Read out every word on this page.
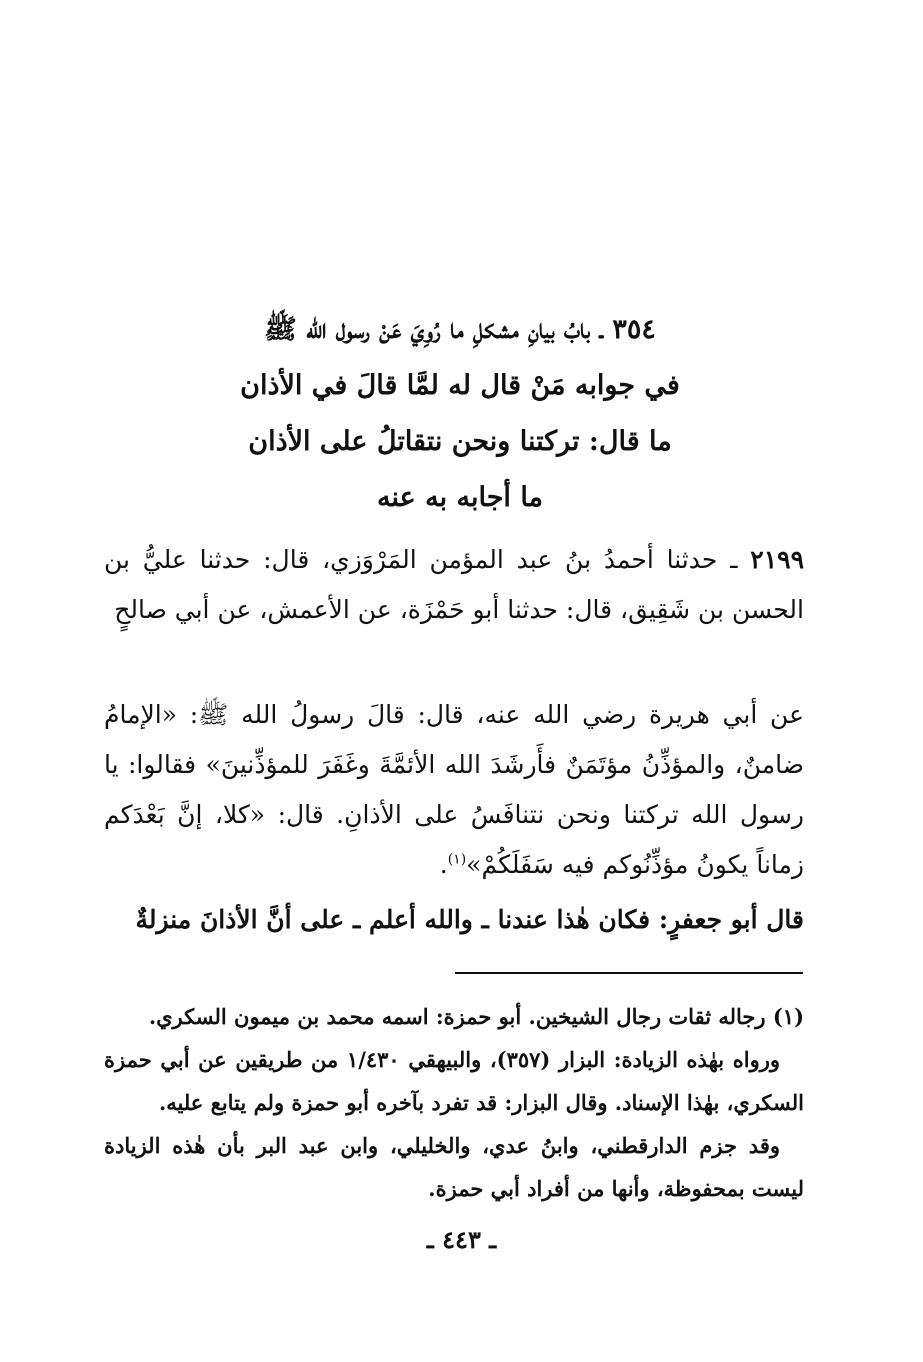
٣٥٤ ـ بابُ بيانِ مشكلِ ما رُوِيَ عَنْ رسول الله ﷺ
في جوابه مَنْ قال له لمَّا قالَ في الأذان
ما قال: تركتنا ونحن نتقاتلُ على الأذان
ما أجابه به عنه
٢١٩٩ ـ حدثنا أحمدُ بنُ عبد المؤمن المَرْوَزي، قال: حدثنا عليُّ بن الحسن بن شَقِيق، قال: حدثنا أبو حَمْزَة، عن الأعمش، عن أبي صالحٍ
عن أبي هريرة رضي الله عنه، قال: قالَ رسولُ الله ﷺ: «الإمامُ ضامنٌ، والمؤذِّنُ مؤتَمَنٌ فأَرشَدَ الله الأئمَّةَ وغَفَرَ للمؤذِّنينَ» فقالوا: يا رسول الله تركتنا ونحن نتنافَسُ على الأذانِ. قال: «كلا، إنَّ بَعْدَكم زماناً يكونُ مؤذِّنُوكم فيه سَفَلَكُمْ»$^{(١)}$.
قال أبو جعفرٍ: فكان هٰذا عندنا ـ والله أعلم ـ على أنَّ الأذانَ منزلةٌ

(١) رجاله ثقات رجال الشيخين. أبو حمزة: اسمه محمد بن ميمون السكري.

ورواه بهٰذه الزيادة: البزار (٣٥٧)، والبيهقي ١/٤٣٠ من طريقين عن أبي حمزة السكري، بهٰذا الإسناد. وقال البزار: قد تفرد بآخره أبو حمزة ولم يتابع عليه.

وقد جزم الدارقطني، وابنُ عدي، والخليلي، وابن عبد البر بأن هٰذه الزيادة ليست بمحفوظة، وأنها من أفراد أبي حمزة.

ـ ٤٤٣ ـ
